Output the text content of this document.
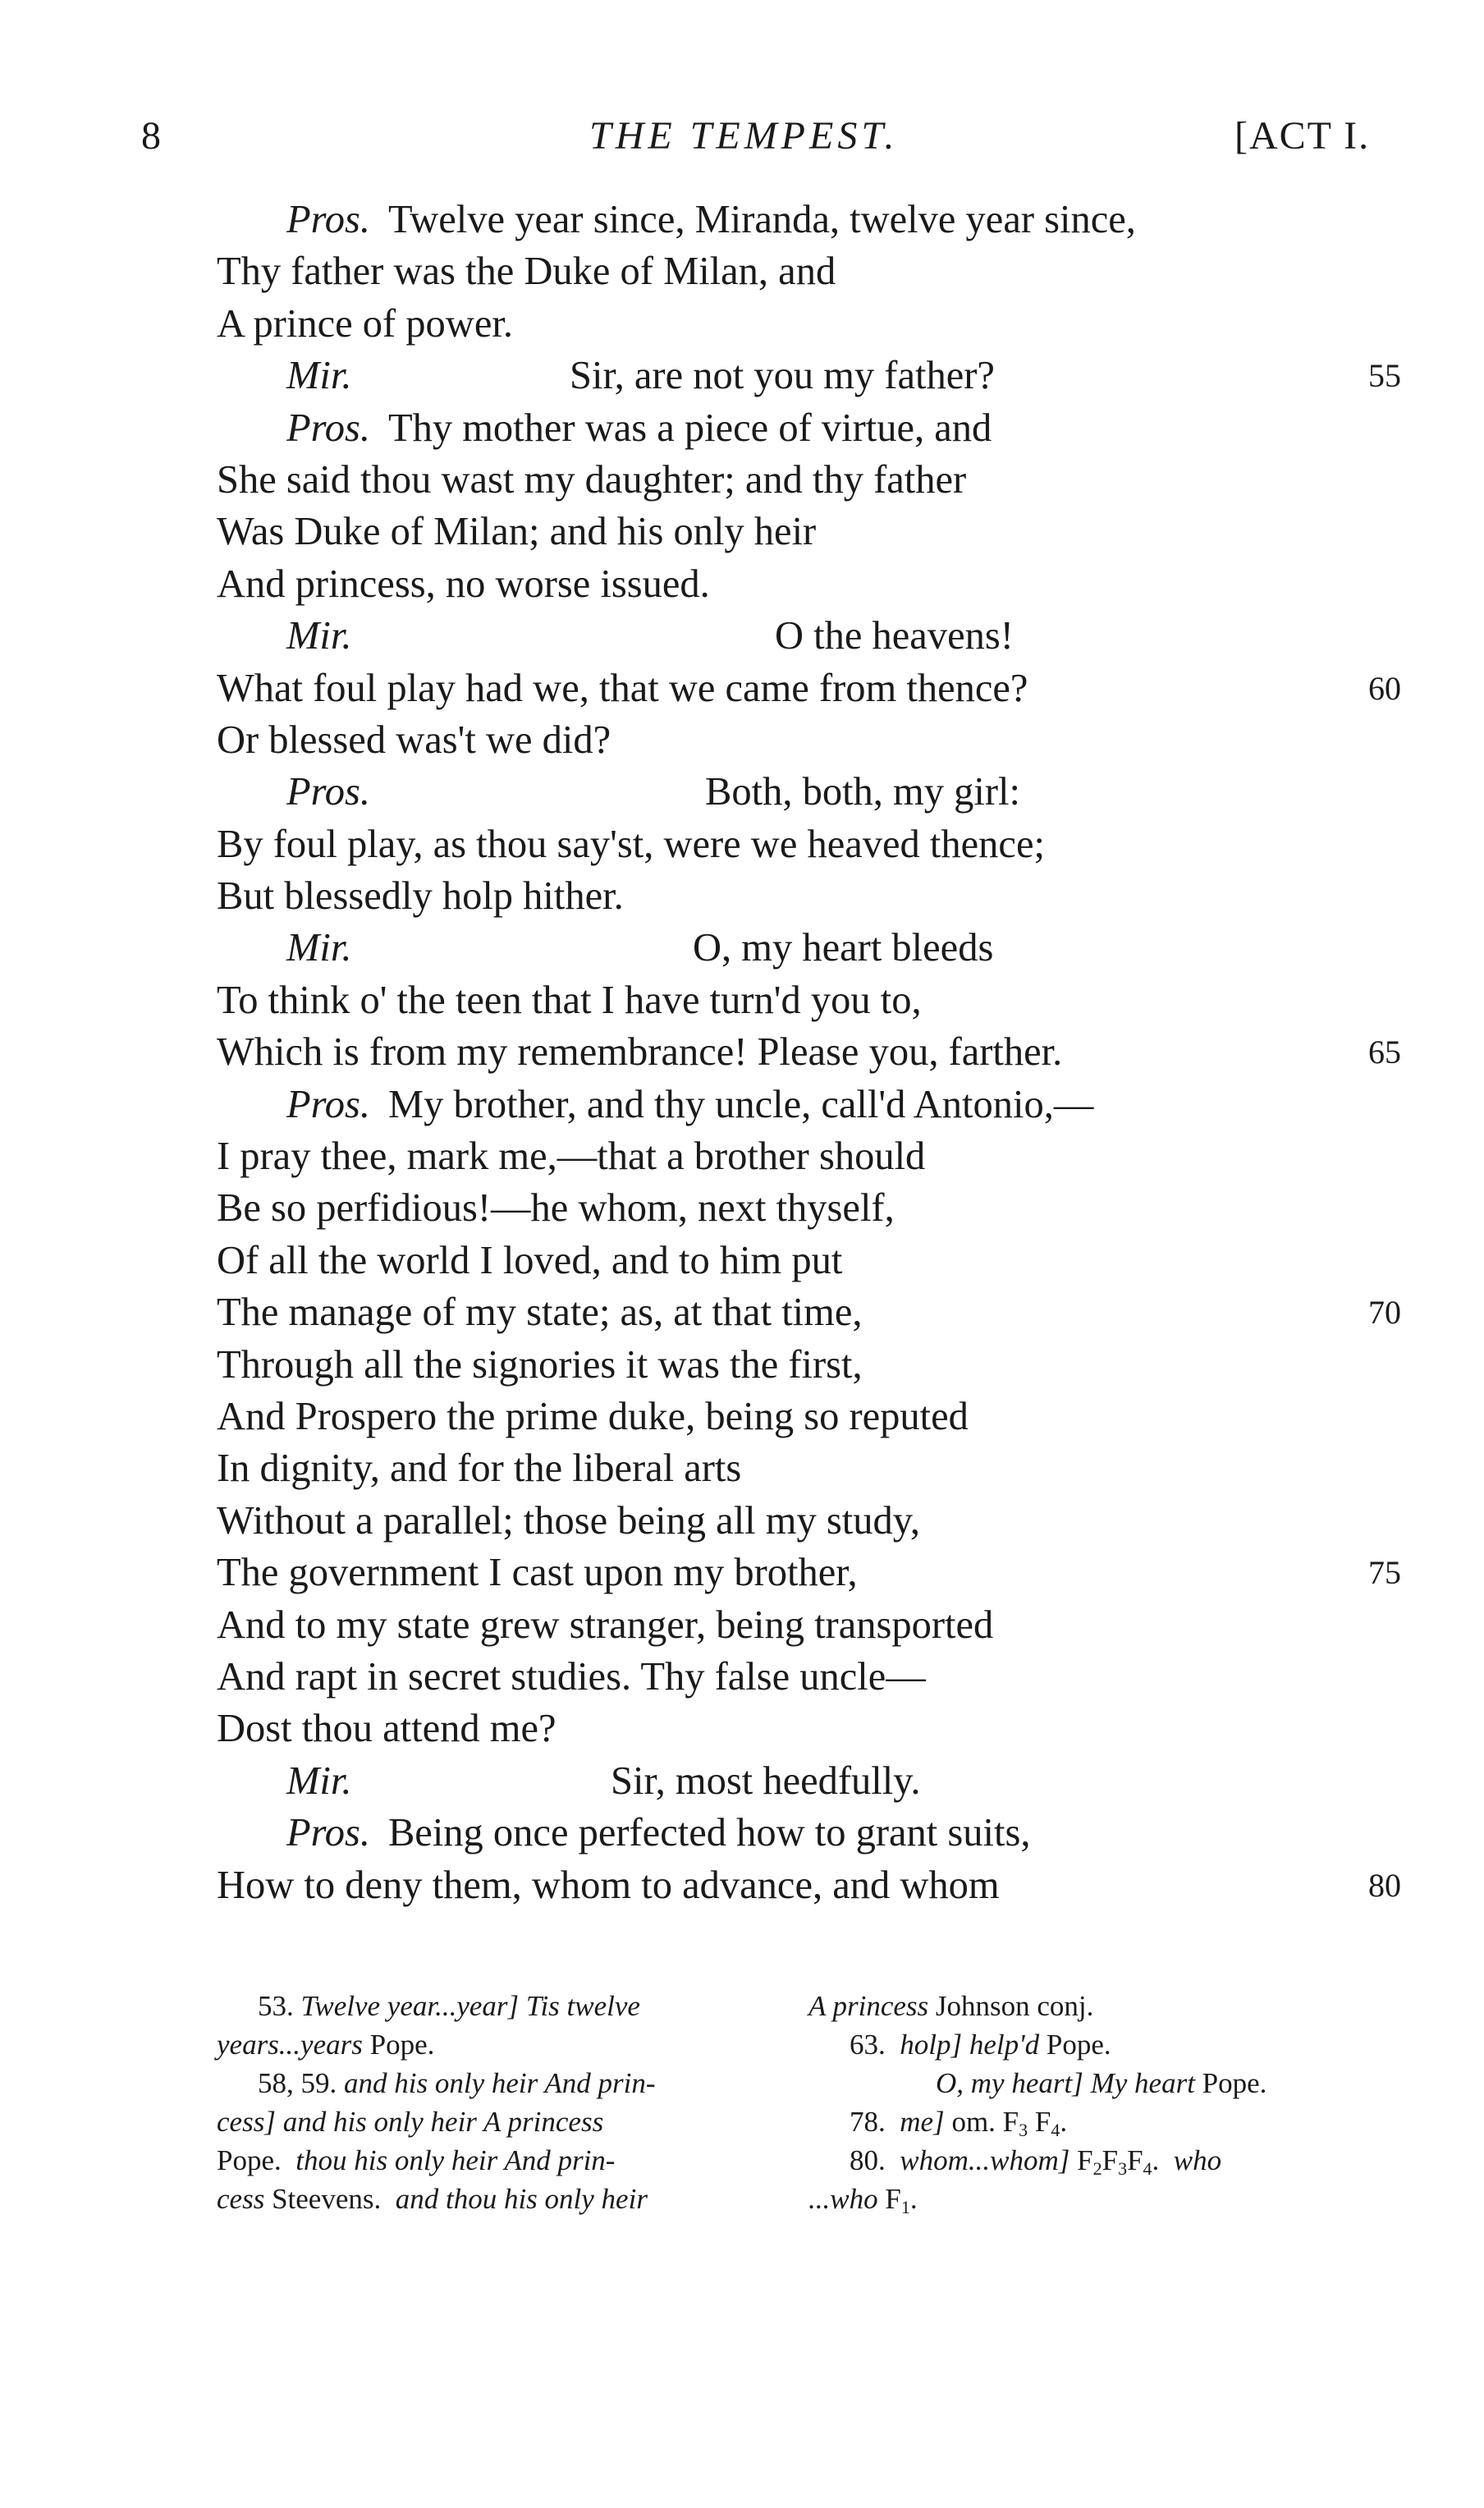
8	THE TEMPEST.	[ACT I.
Pros. Twelve year since, Miranda, twelve year since,
Thy father was the Duke of Milan, and
A prince of power.
Mir.	Sir, are not you my father?	55
Pros. Thy mother was a piece of virtue, and
She said thou wast my daughter; and thy father
Was Duke of Milan; and his only heir
And princess, no worse issued.
Mir.	O the heavens!
What foul play had we, that we came from thence?	60
Or blessed was't we did?
Pros.	Both, both, my girl:
By foul play, as thou say'st, were we heaved thence;
But blessedly holp hither.
Mir.	O, my heart bleeds
To think o' the teen that I have turn'd you to,
Which is from my remembrance! Please you, farther.	65
Pros. My brother, and thy uncle, call'd Antonio,—
I pray thee, mark me,—that a brother should
Be so perfidious!—he whom, next thyself,
Of all the world I loved, and to him put
The manage of my state; as, at that time,	70
Through all the signories it was the first,
And Prospero the prime duke, being so reputed
In dignity, and for the liberal arts
Without a parallel; those being all my study,
The government I cast upon my brother,	75
And to my state grew stranger, being transported
And rapt in secret studies. Thy false uncle—
Dost thou attend me?
Mir.	Sir, most heedfully.
Pros. Being once perfected how to grant suits,
How to deny them, whom to advance, and whom	80
53. Twelve year...year] Tis twelve
years...years Pope.
58, 59. and his only heir And prin-
cess] and his only heir A princess
Pope. thou his only heir And prin-
cess Steevens. and thou his only heir
A princess Johnson conj.
63. holp] help'd Pope.
O, my heart] My heart Pope.
78. me] om. $F_3$ $F_4$.
80. whom...whom] $F_2F_3F_4$. who
...who $F_1$.
